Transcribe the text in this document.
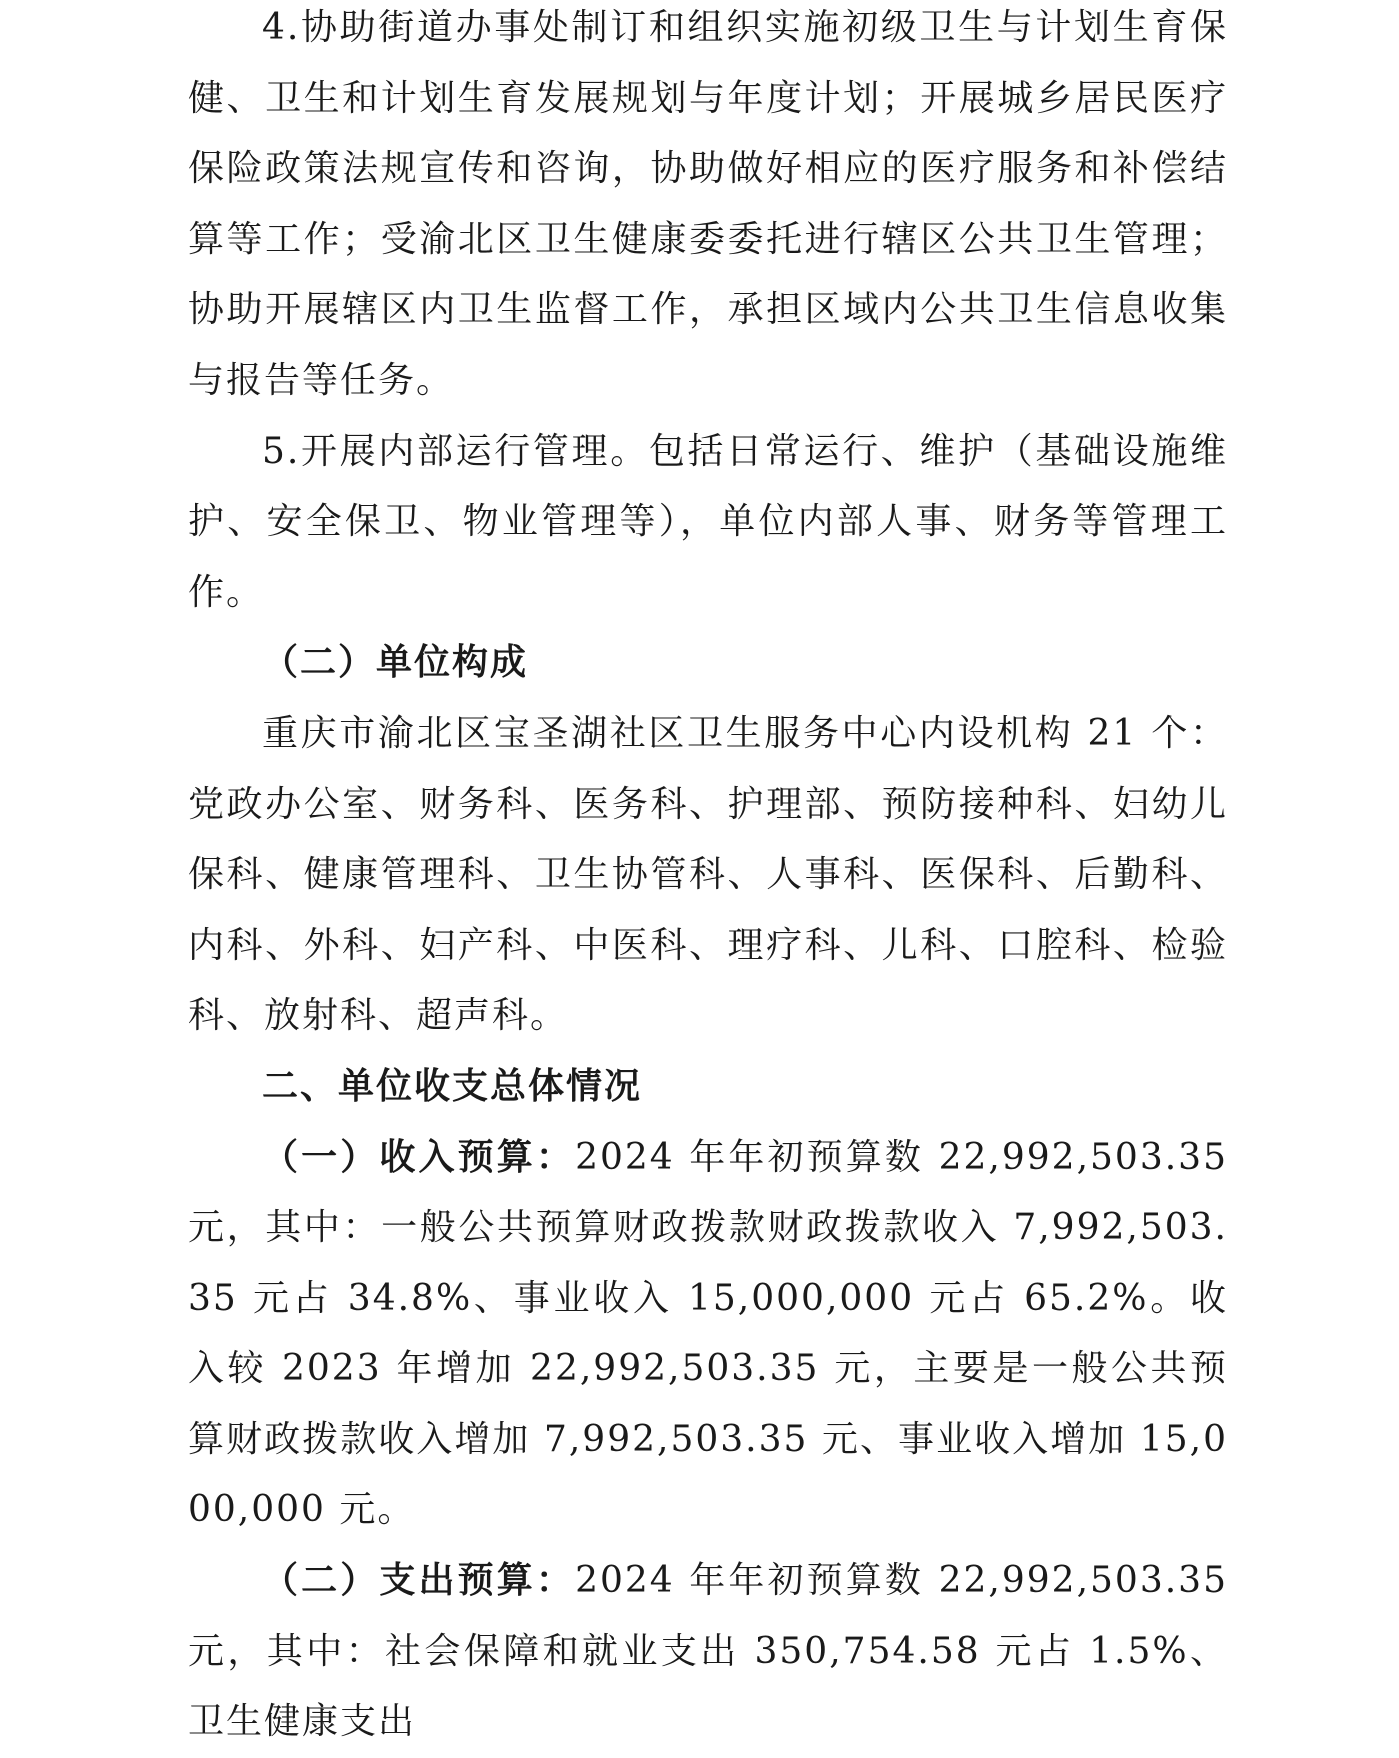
4.协助街道办事处制订和组织实施初级卫生与计划生育保健、卫生和计划生育发展规划与年度计划；开展城乡居民医疗保险政策法规宣传和咨询，协助做好相应的医疗服务和补偿结算等工作；受渝北区卫生健康委委托进行辖区公共卫生管理；协助开展辖区内卫生监督工作，承担区域内公共卫生信息收集与报告等任务。

5.开展内部运行管理。包括日常运行、维护（基础设施维护、安全保卫、物业管理等），单位内部人事、财务等管理工作。

（二）单位构成

重庆市渝北区宝圣湖社区卫生服务中心内设机构 21 个：党政办公室、财务科、医务科、护理部、预防接种科、妇幼儿保科、健康管理科、卫生协管科、人事科、医保科、后勤科、内科、外科、妇产科、中医科、理疗科、儿科、口腔科、检验科、放射科、超声科。

二、单位收支总体情况

（一）收入预算：2024 年年初预算数 22,992,503.35 元，其中：一般公共预算财政拨款财政拨款收入 7,992,503.35 元占 34.8%、事业收入 15,000,000 元占 65.2%。收入较 2023 年增加 22,992,503.35 元，主要是一般公共预算财政拨款收入增加 7,992,503.35 元、事业收入增加 15,000,000 元。

（二）支出预算：2024 年年初预算数 22,992,503.35 元，其中：社会保障和就业支出 350,754.58 元占 1.5%、卫生健康支出
